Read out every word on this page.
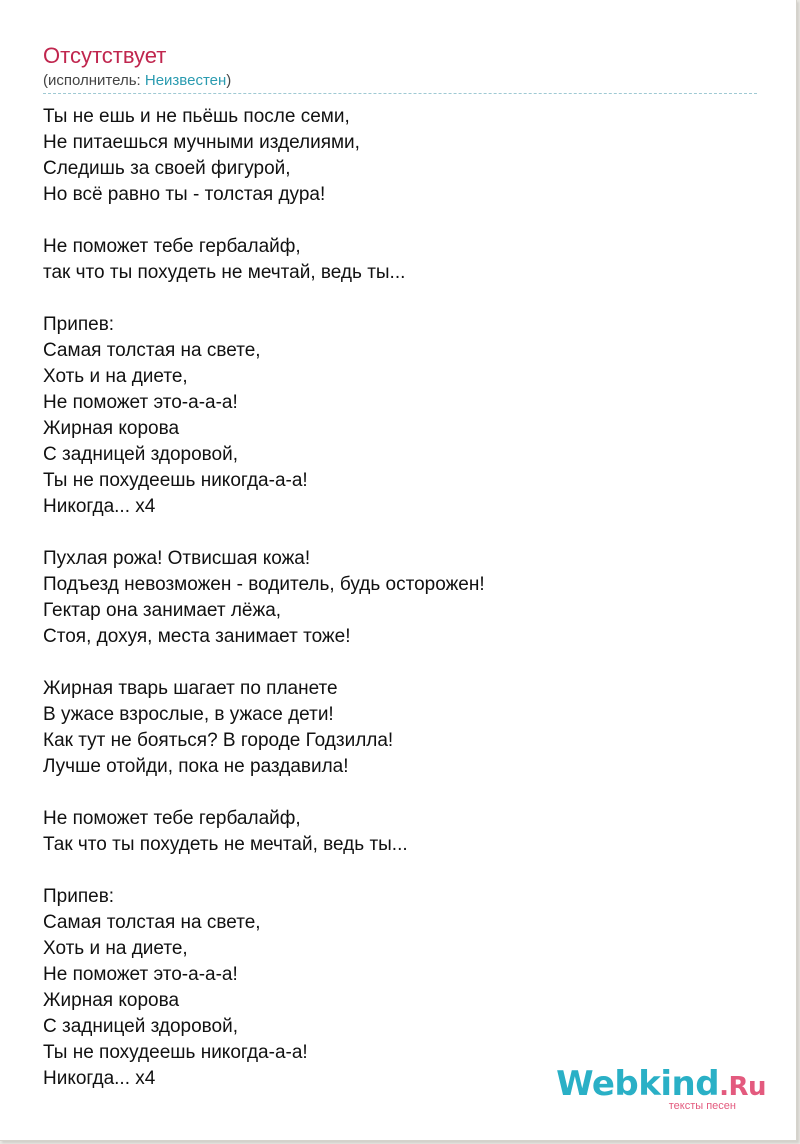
Отсутствует
(исполнитель: Неизвестен)
Ты не ешь и не пьёшь после семи,
Не питаешься мучными изделиями,
Следишь за своей фигурой,
Но всё равно ты - толстая дура!
Не поможет тебе гербалайф,
так что ты похудеть не мечтай, ведь ты...
Припев:
Самая толстая на свете,
Хоть и на диете,
Не поможет это-а-а-а!
Жирная корова
С задницей здоровой,
Ты не похудеешь никогда-а-а!
Никогда... x4
Пухлая рожа! Отвисшая кожа!
Подъезд невозможен - водитель, будь осторожен!
Гектар она занимает лёжа,
Стоя, дохуя, места занимает тоже!
Жирная тварь шагает по планете
В ужасе взрослые, в ужасе дети!
Как тут не бояться? В городе Годзилла!
Лучше отойди, пока не раздавила!
Не поможет тебе гербалайф,
Так что ты похудеть не мечтай, ведь ты...
Припев:
Самая толстая на свете,
Хоть и на диете,
Не поможет это-а-а-а!
Жирная корова
С задницей здоровой,
Ты не похудеешь никогда-а-а!
Никогда... x4	Webkind.Ru
тексты песен
